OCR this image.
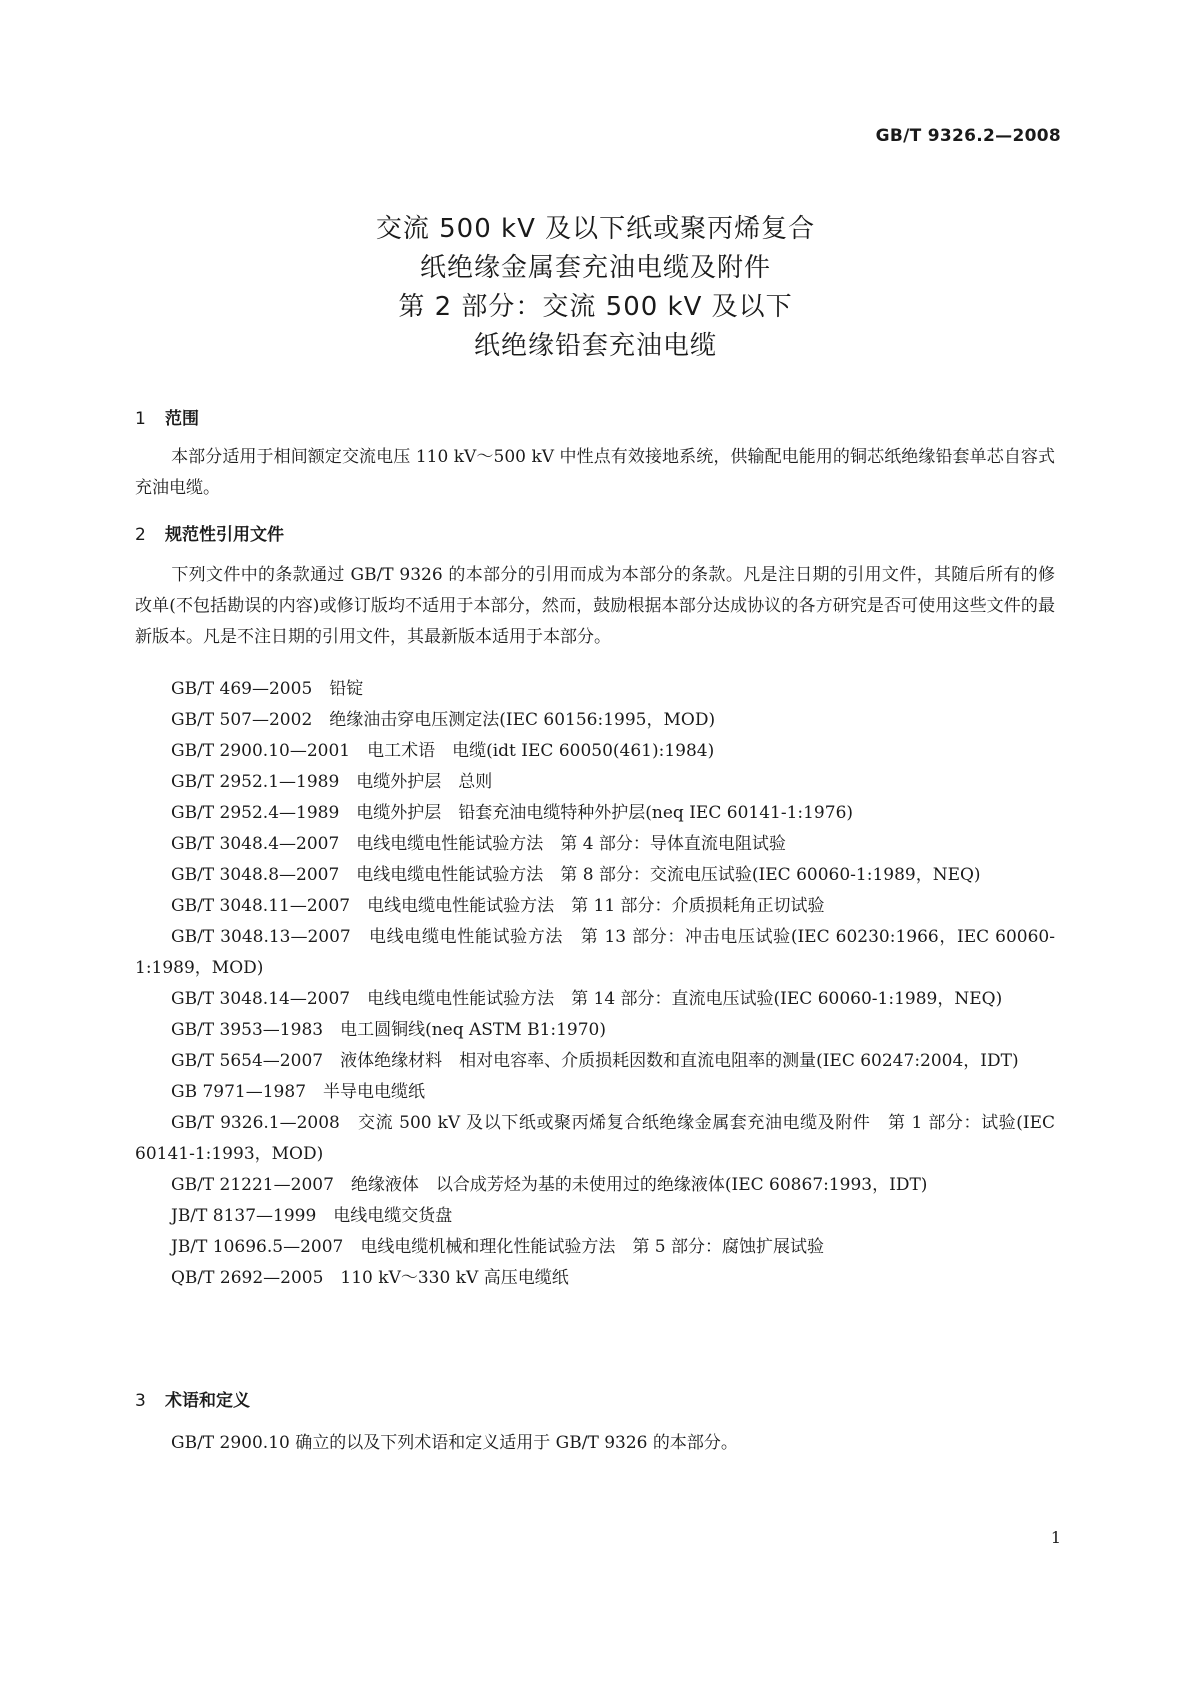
GB/T 9326.2—2008
交流 500 kV 及以下纸或聚丙烯复合
纸绝缘金属套充油电缆及附件
第 2 部分：交流 500 kV 及以下
纸绝缘铅套充油电缆
1 范围
本部分适用于相间额定交流电压 110 kV～500 kV 中性点有效接地系统，供输配电能用的铜芯纸绝缘铅套单芯自容式充油电缆。
2 规范性引用文件
下列文件中的条款通过 GB/T 9326 的本部分的引用而成为本部分的条款。凡是注日期的引用文件，其随后所有的修改单(不包括勘误的内容)或修订版均不适用于本部分，然而，鼓励根据本部分达成协议的各方研究是否可使用这些文件的最新版本。凡是不注日期的引用文件，其最新版本适用于本部分。
GB/T 469—2005　铅锭
GB/T 507—2002　绝缘油击穿电压测定法(IEC 60156:1995，MOD)
GB/T 2900.10—2001　电工术语　电缆(idt IEC 60050(461):1984)
GB/T 2952.1—1989　电缆外护层　总则
GB/T 2952.4—1989　电缆外护层　铅套充油电缆特种外护层(neq IEC 60141-1:1976)
GB/T 3048.4—2007　电线电缆电性能试验方法　第 4 部分：导体直流电阻试验
GB/T 3048.8—2007　电线电缆电性能试验方法　第 8 部分：交流电压试验(IEC 60060-1:1989，NEQ)
GB/T 3048.11—2007　电线电缆电性能试验方法　第 11 部分：介质损耗角正切试验
GB/T 3048.13—2007　电线电缆电性能试验方法　第 13 部分：冲击电压试验(IEC 60230:1966，IEC 60060-1:1989，MOD)
GB/T 3048.14—2007　电线电缆电性能试验方法　第 14 部分：直流电压试验(IEC 60060-1:1989，NEQ)
GB/T 3953—1983　电工圆铜线(neq ASTM B1:1970)
GB/T 5654—2007　液体绝缘材料　相对电容率、介质损耗因数和直流电阻率的测量(IEC 60247:2004，IDT)
GB 7971—1987　半导电电缆纸
GB/T 9326.1—2008　交流 500 kV 及以下纸或聚丙烯复合纸绝缘金属套充油电缆及附件　第 1 部分：试验(IEC 60141-1:1993，MOD)
GB/T 21221—2007　绝缘液体　以合成芳烃为基的未使用过的绝缘液体(IEC 60867:1993，IDT)
JB/T 8137—1999　电线电缆交货盘
JB/T 10696.5—2007　电线电缆机械和理化性能试验方法　第 5 部分：腐蚀扩展试验
QB/T 2692—2005　110 kV～330 kV 高压电缆纸
3 术语和定义
GB/T 2900.10 确立的以及下列术语和定义适用于 GB/T 9326 的本部分。
1
